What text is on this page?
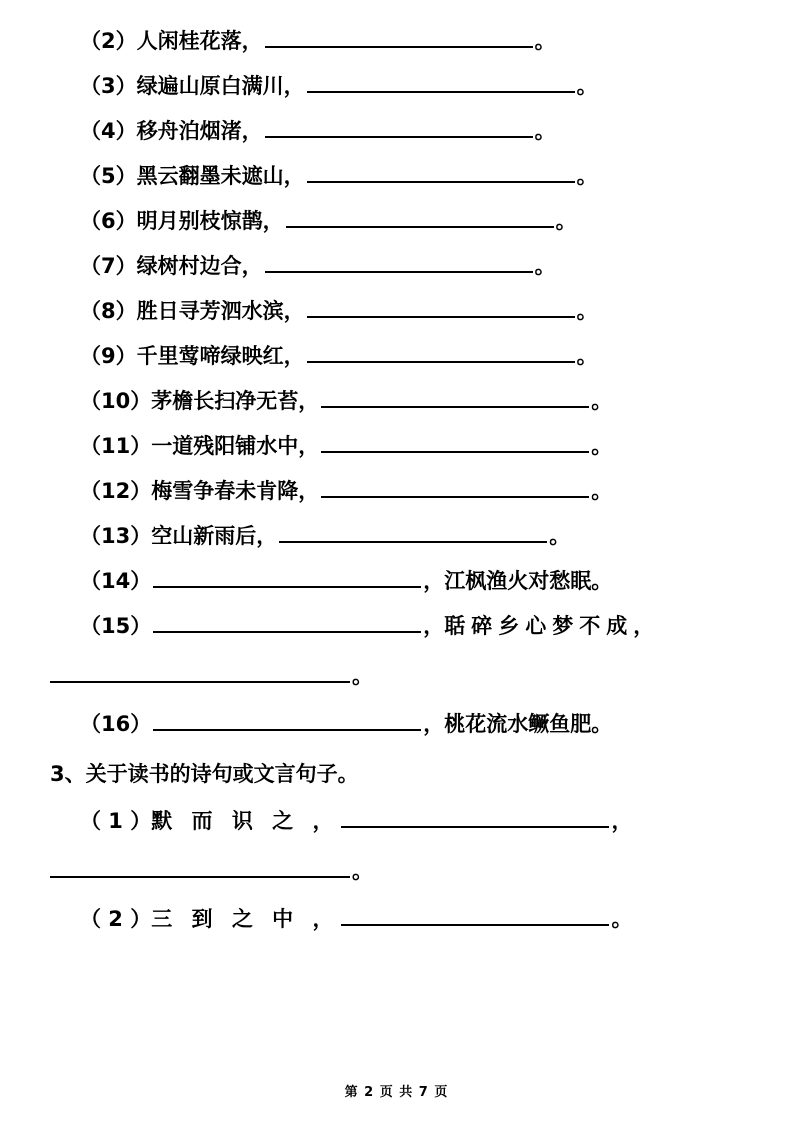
（2） 人闲桂花落，	。
（3） 绿遍山原白满川，	。
（4） 移舟泊烟渚，	。
（5） 黑云翻墨未遮山，	。
（6） 明月别枝惊鹊，	。
（7） 绿树村边合，	。
（8） 胜日寻芳泗水滨，	。
（9） 千里莺啼绿映红，	。
（10） 茅檐长扫净无苔，	。
（11） 一道残阳铺水中，	。
（12） 梅雪争春未肯降，	。
（13） 空山新雨后，	。
（14）	， 江枫渔火对愁眠。
（15）	， 聒碎乡心梦不成，
。
（16）	， 桃花流水鳜鱼肥。
3、关于读书的诗句或文言句子。
（ 1 ） 默 而 识 之 ，	，
。
（ 2 ） 三 到 之 中 ，	。
第 2 页 共 7 页
